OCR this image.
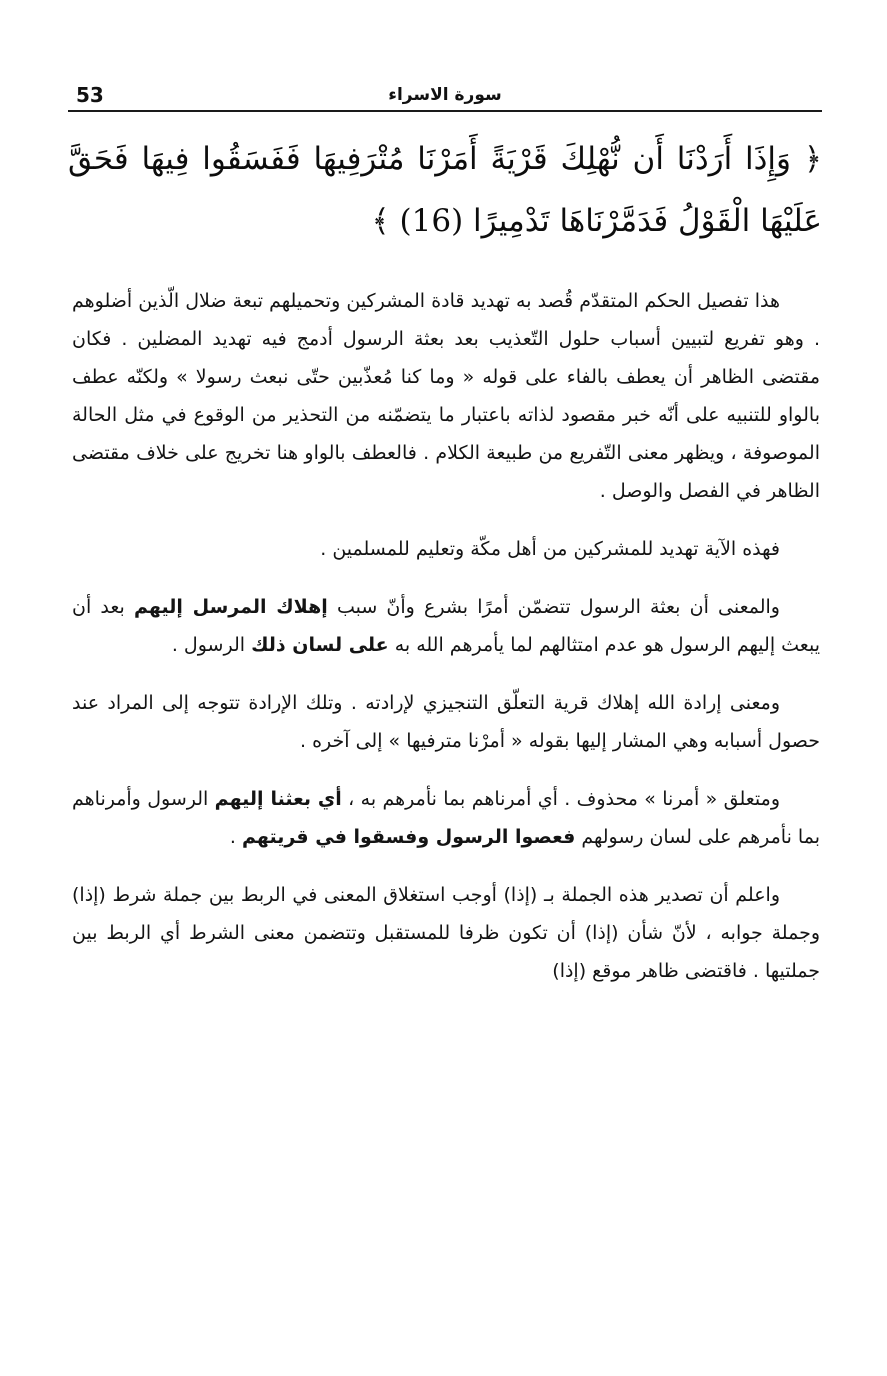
53	سورة الاسراء
﴿ وَإِذَا أَرَدْنَا أَن نُّهْلِكَ قَرْيَةً أَمَرْنَا مُتْرَفِيهَا فَفَسَقُوا فِيهَا فَحَقَّ عَلَيْهَا الْقَوْلُ فَدَمَّرْنَاهَا تَدْمِيرًا (16) ﴾

هذا تفصيل الحكم المتقدّم قُصد به تهديد قادة المشركين وتحميلهم تبعة ضلال الّذين أضلوهم . وهو تفريع لتبيين أسباب حلول التّعذيب بعد بعثة الرسول أدمج فيه تهديد المضلين . فكان مقتضى الظاهر أن يعطف بالفاء على قوله « وما كنا مُعذّبين حتّى نبعث رسولا » ولكنّه عطف بالواو للتنبيه على أنّه خبر مقصود لذاته باعتبار ما يتضمّنه من التحذير من الوقوع في مثل الحالة الموصوفة ، ويظهر معنى التّفريع من طبيعة الكلام . فالعطف بالواو هنا تخريج على خلاف مقتضى الظاهر في الفصل والوصل .

فهذه الآية تهديد للمشركين من أهل مكّة وتعليم للمسلمين .

والمعنى أن بعثة الرسول تتضمّن أمرًا بشرع وأنّ سبب إهلاك المرسل إليهم بعد أن يبعث إليهم الرسول هو عدم امتثالهم لما يأمرهم الله به على لسان ذلك الرسول .

ومعنى إرادة الله إهلاك قرية التعلّق التنجيزي لإرادته . وتلك الإرادة تتوجه إلى المراد عند حصول أسبابه وهي المشار إليها بقوله « أمرْنا مترفيها » إلى آخره .

ومتعلق « أمرنا » محذوف . أي أمرناهم بما نأمرهم به ، أي بعثنا إليهم الرسول وأمرناهم بما نأمرهم على لسان رسولهم فعصوا الرسول وفسقوا في قريتهم .

واعلم أن تصدير هذه الجملة بـ (إذا) أوجب استغلاق المعنى في الربط بين جملة شرط (إذا) وجملة جوابه ، لأنّ شأن (إذا) أن تكون ظرفا للمستقبل وتتضمن معنى الشرط أي الربط بين جملتيها . فاقتضى ظاهر موقع (إذا)
